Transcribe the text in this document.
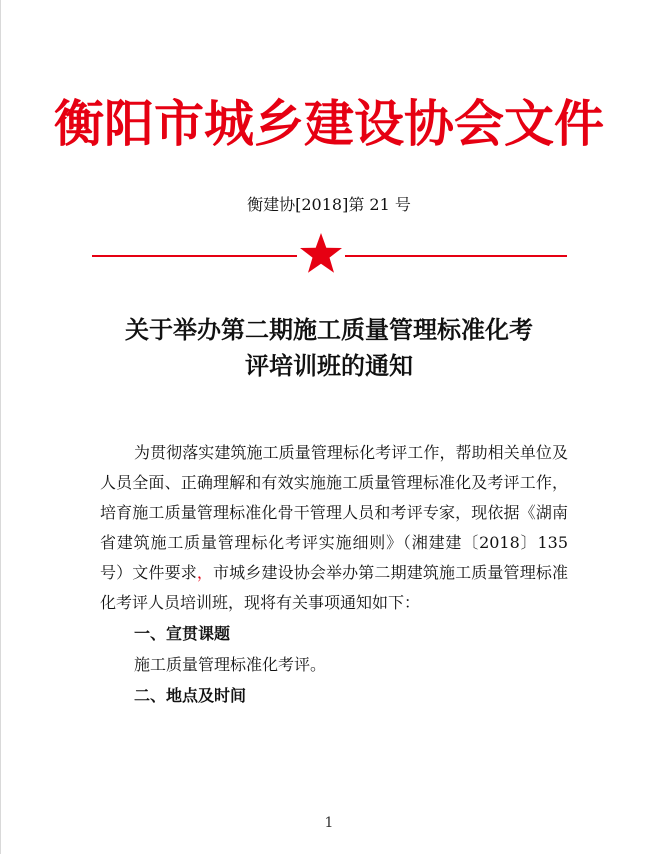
衡阳市城乡建设协会文件
衡建协[2018]第 21 号
关于举办第二期施工质量管理标准化考
评培训班的通知

为贯彻落实建筑施工质量管理标化考评工作，帮助相关单位及人员全面、正确理解和有效实施施工质量管理标准化及考评工作，培育施工质量管理标准化骨干管理人员和考评专家，现依据《湖南省建筑施工质量管理标化考评实施细则》（湘建建〔2018〕135 号）文件要求，市城乡建设协会举办第二期建筑施工质量管理标准化考评人员培训班，现将有关事项通知如下：

一、宣贯课题

施工质量管理标准化考评。

二、地点及时间

1
